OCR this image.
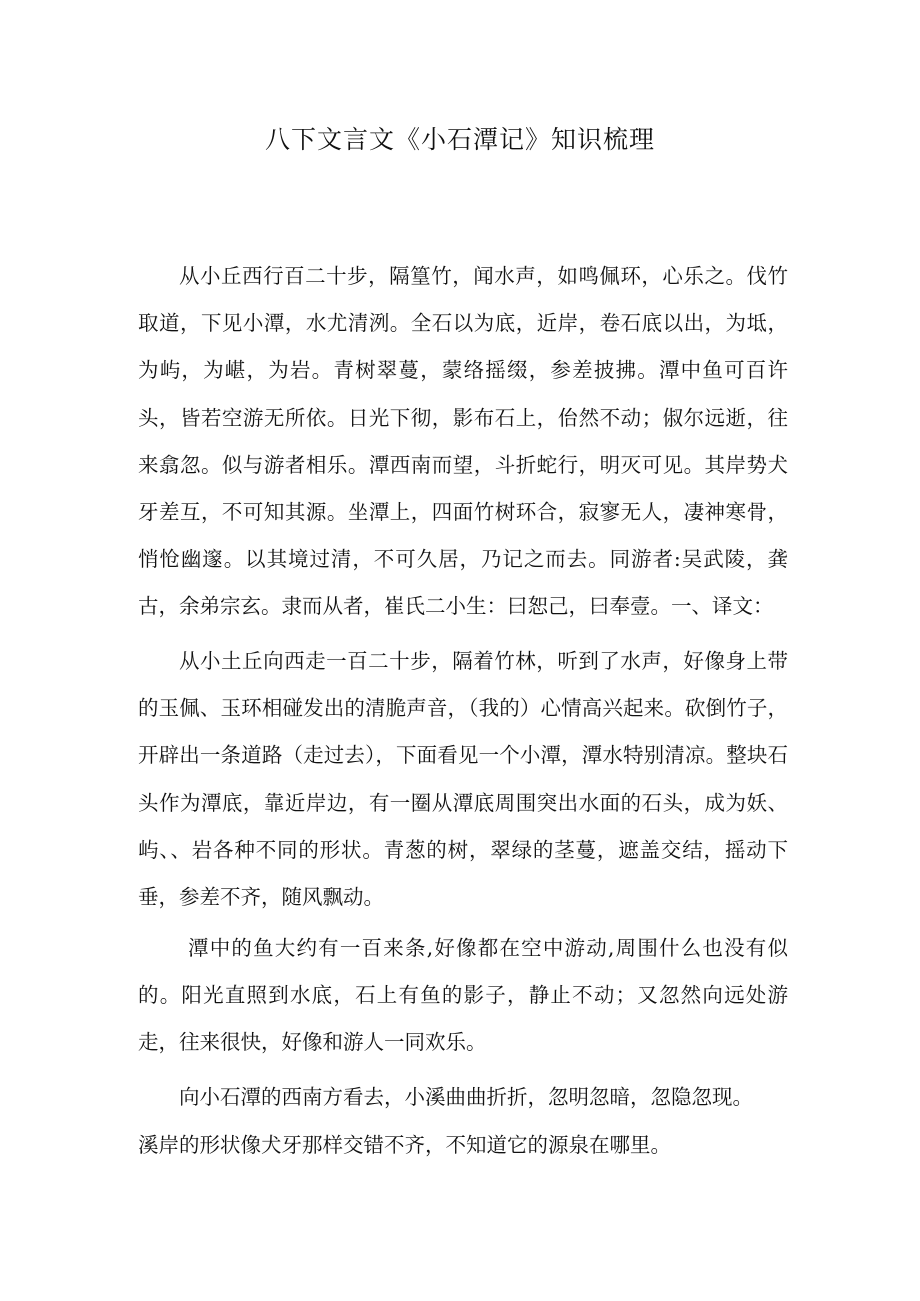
八下文言文《小石潭记》知识梳理

从小丘西行百二十步，隔篁竹，闻水声，如鸣佩环，心乐之。伐竹取道，下见小潭，水尤清洌。全石以为底，近岸，卷石底以出，为坻，为屿，为嵁，为岩。青树翠蔓，蒙络摇缀，参差披拂。潭中鱼可百许头，皆若空游无所依。日光下彻，影布石上，佁然不动；俶尔远逝，往来翕忽。似与游者相乐。潭西南而望，斗折蛇行，明灭可见。其岸势犬牙差互，不可知其源。坐潭上，四面竹树环合，寂寥无人，凄神寒骨，悄怆幽邃。以其境过清，不可久居，乃记之而去。同游者:吴武陵，龚古，余弟宗玄。隶而从者，崔氏二小生：曰恕己，曰奉壹。一、译文：

从小土丘向西走一百二十步，隔着竹林，听到了水声，好像身上带的玉佩、玉环相碰发出的清脆声音，（我的）心情高兴起来。砍倒竹子，开辟出一条道路（走过去），下面看见一个小潭，潭水特别清凉。整块石头作为潭底，靠近岸边，有一圈从潭底周围突出水面的石头，成为妖、屿、、岩各种不同的形状。青葱的树，翠绿的茎蔓，遮盖交结，摇动下垂，参差不齐，随风飘动。

潭中的鱼大约有一百来条,好像都在空中游动,周围什么也没有似的。阳光直照到水底，石上有鱼的影子，静止不动；又忽然向远处游走，往来很快，好像和游人一同欢乐。

向小石潭的西南方看去，小溪曲曲折折，忽明忽暗，忽隐忽现。

溪岸的形状像犬牙那样交错不齐，不知道它的源泉在哪里。
